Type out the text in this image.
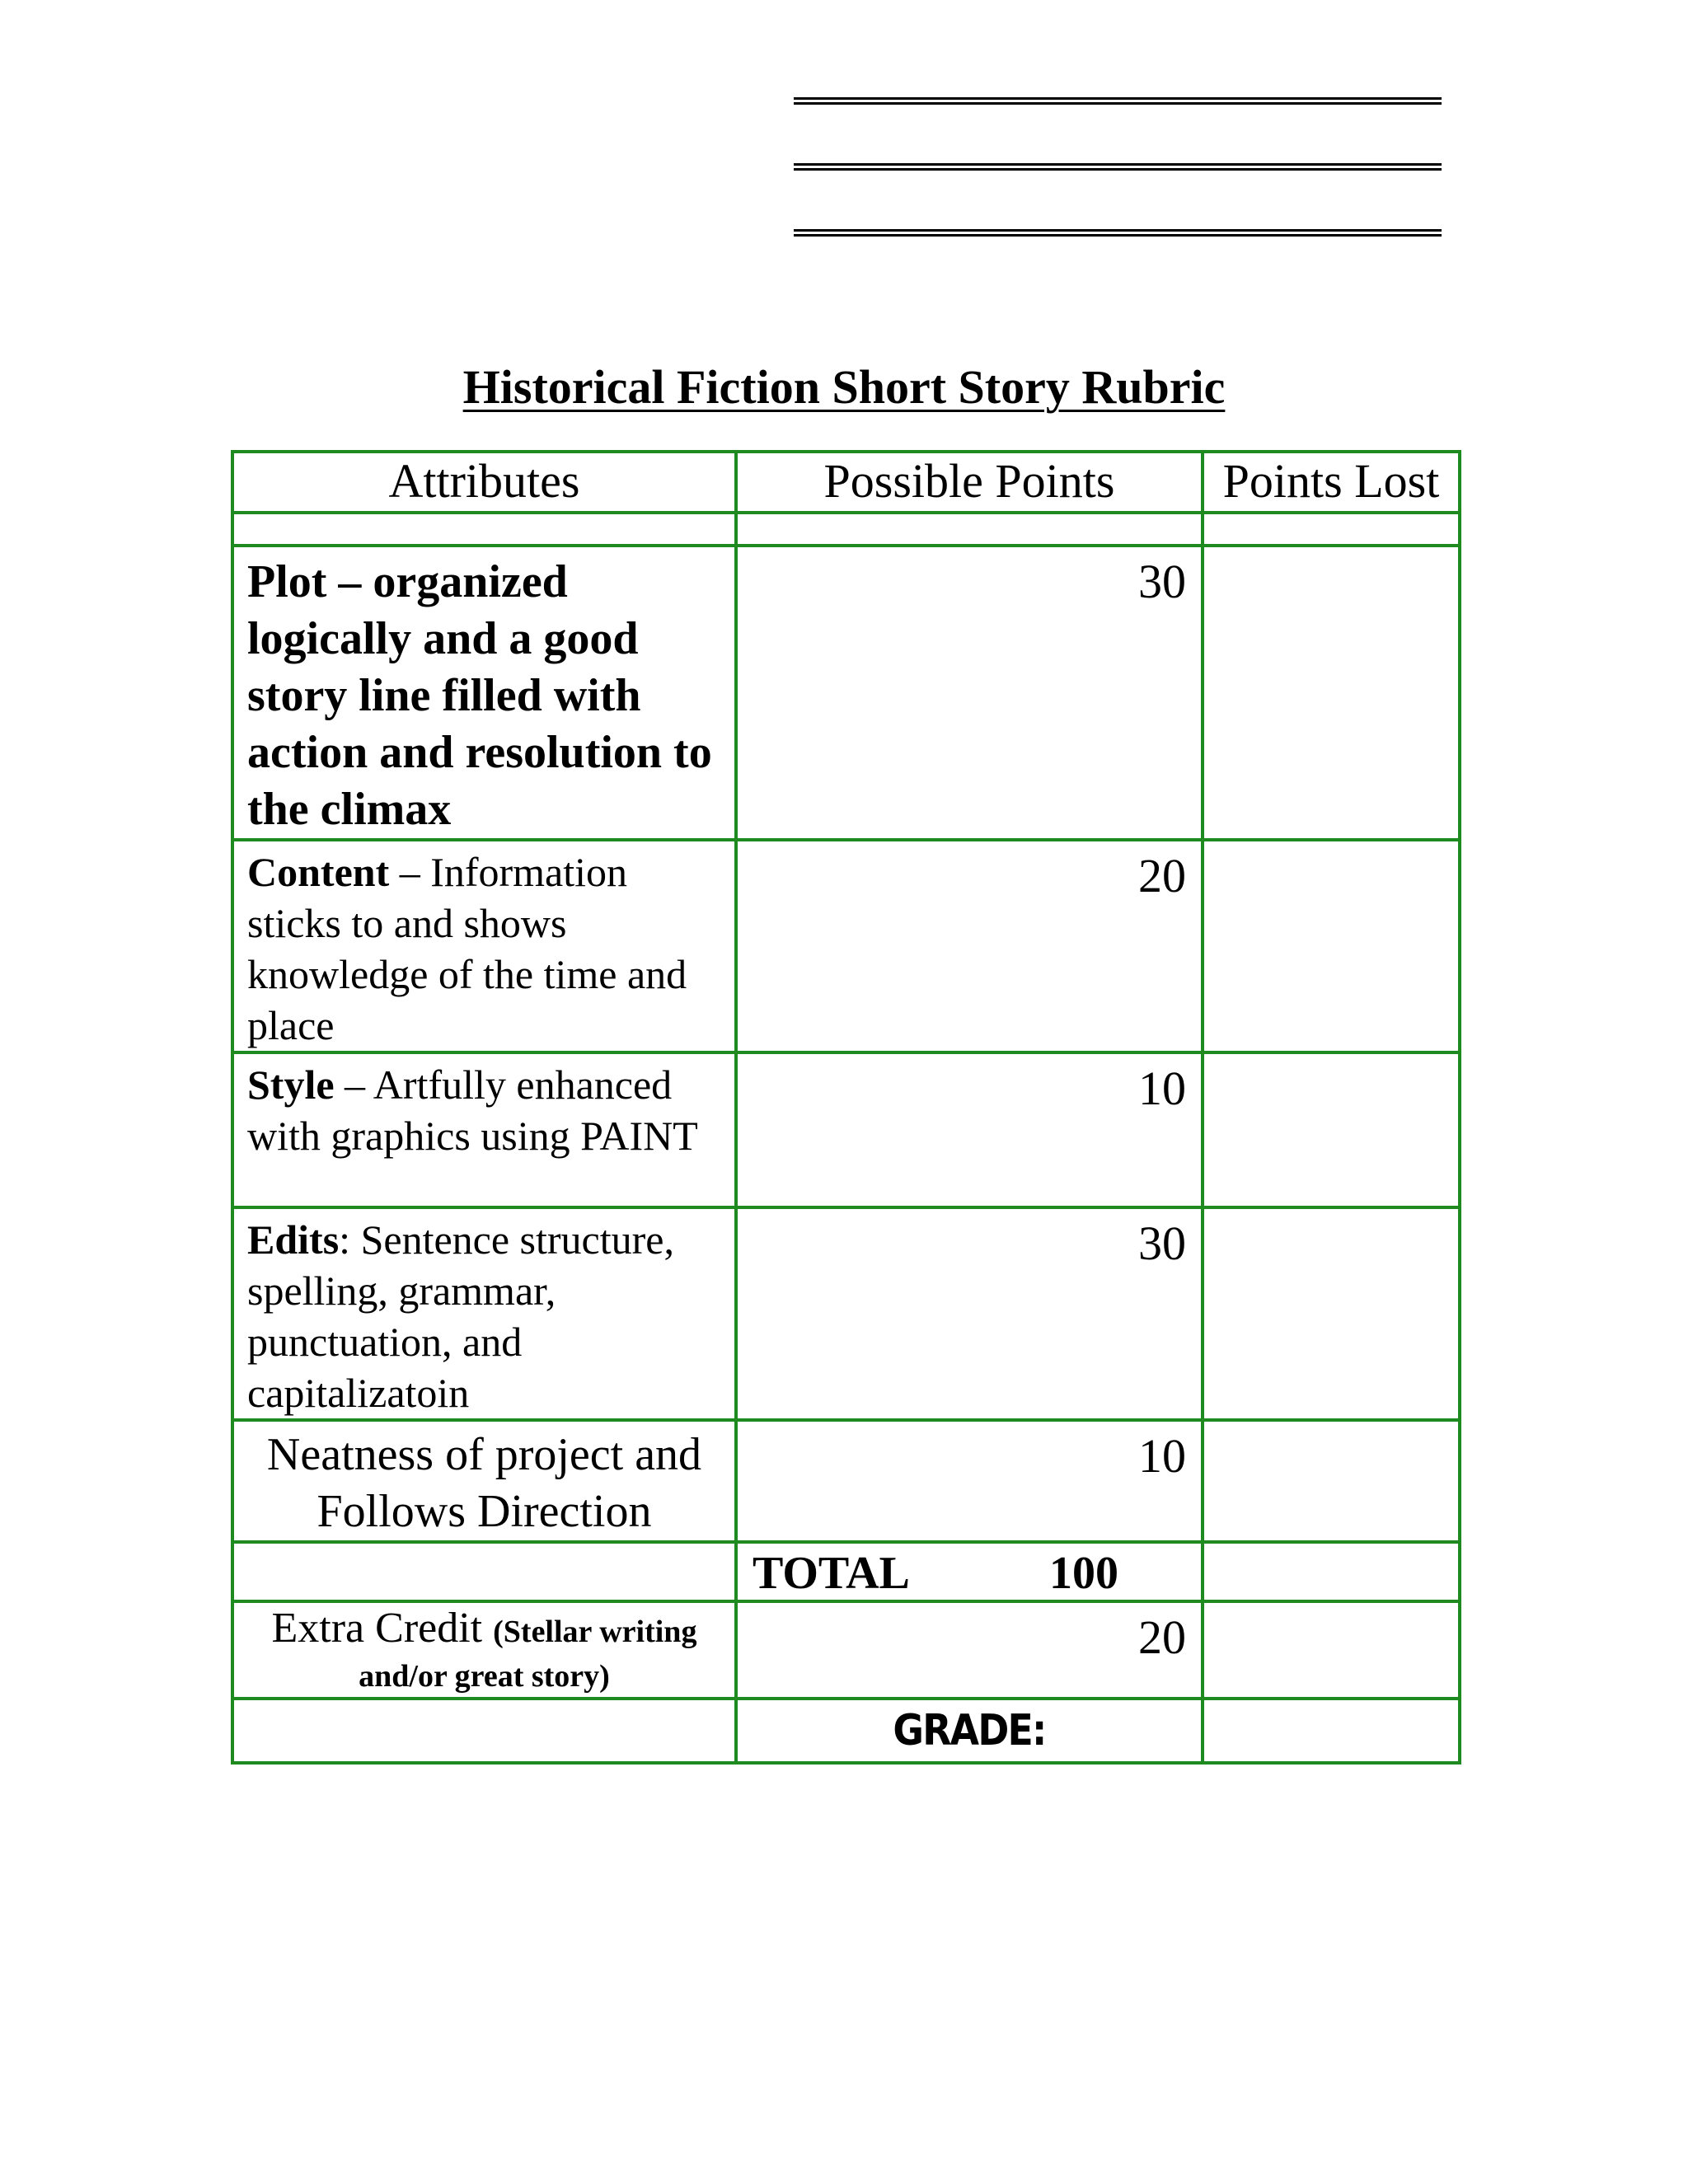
Historical Fiction Short Story Rubric
Attributes	Possible Points	Points Lost

Plot – organized logically and a good story line filled with action and resolution to the climax	30	
Content – Information sticks to and shows knowledge of the time and place	20	
Style – Artfully enhanced with graphics using PAINT	10	
Edits: Sentence structure, spelling, grammar, punctuation, and capitalizatoin	30	
Neatness of project and Follows Direction	10	
	TOTAL 100	
Extra Credit (Stellar writing and/or great story)	20	
	GRADE:	
